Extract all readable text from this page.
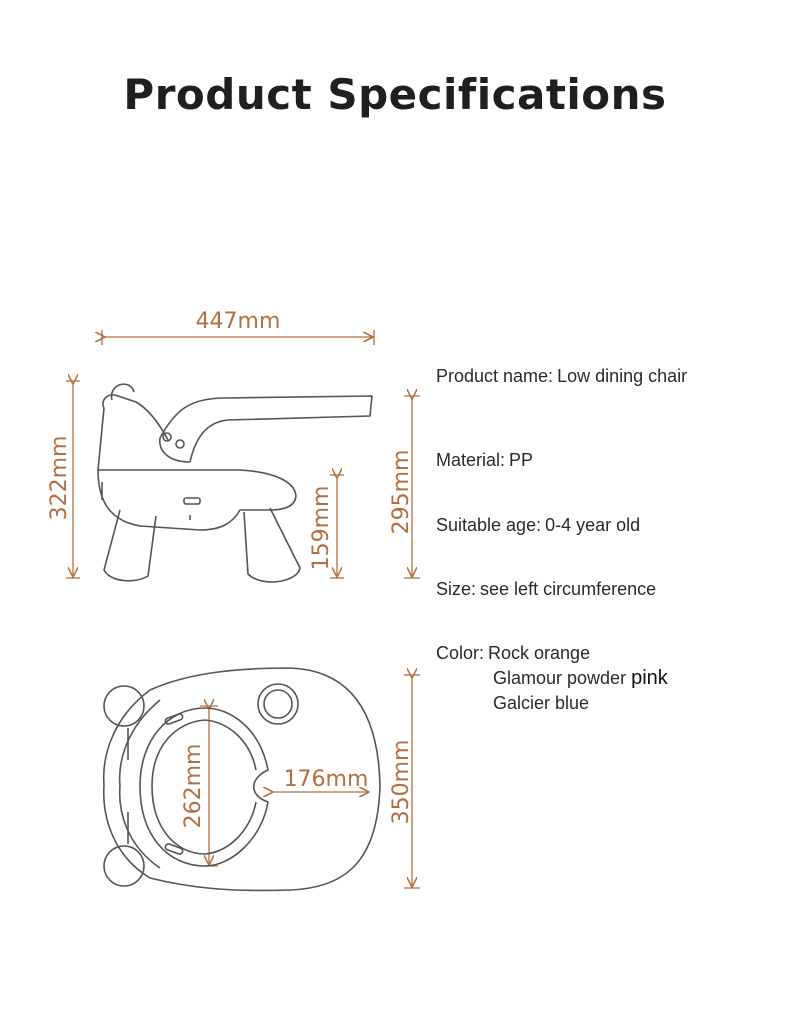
Product Specifications
447mm
322mm
159mm	295mm
262mm	176mm 350mm
Product name: Low dining chair
Material: PP
Suitable age: 0-4 year old
Size: see left circumference
Color: Rock orange
Glamour powder pink
Galcier blue
